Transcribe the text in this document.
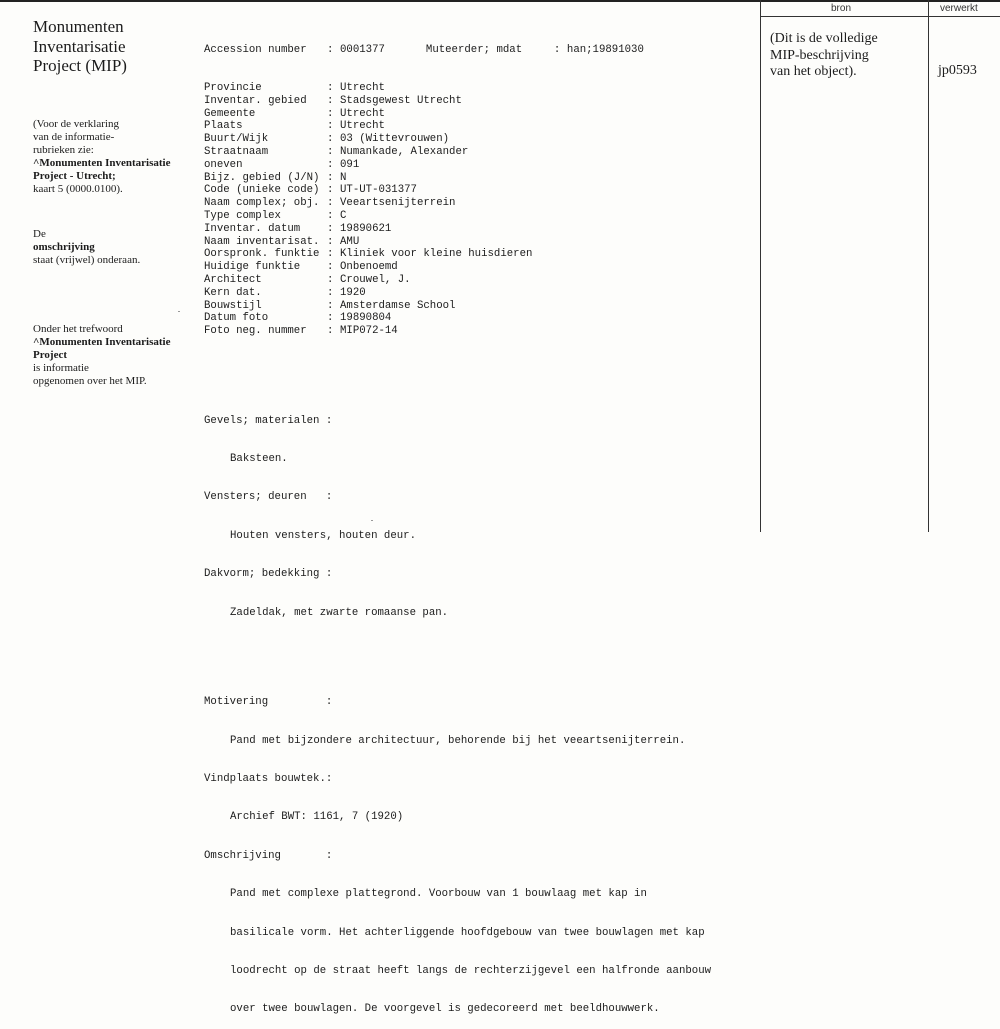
Monumenten
Inventarisatie
Project (MIP)
(Voor de verklaring
van de informatie-
rubrieken zie:
^Monumenten Inventarisatie
Project - Utrecht;
kaart 5 (0000.0100).
De
omschrijving
staat (vrijwel) onderaan.
Onder het trefwoord
^Monumenten Inventarisatie
Project
is informatie
opgenomen over het MIP.

Accession number : 0001377	Muteerder; mdat	: han;19891030

Provincie	: Utrecht
Inventar. gebied : Stadsgewest Utrecht
Gemeente	: Utrecht
Plaats	: Utrecht
Buurt/Wijk	: 03 (Wittevrouwen)
Straatnaam	: Numankade, Alexander
oneven	: 091
Bijz. gebied (J/N) : N
Code (unieke code) : UT-UT-031377
Naam complex; obj. : Veeartsenijterrein
Type complex	: C
Inventar. datum	: 19890621
Naam inventarisat. : AMU
Oorspronk. funktie : Kliniek voor kleine huisdieren
Huidige funktie	: Onbenoemd
Architect	: Crouwel, J.
Kern dat.	: 1920
Bouwstijl	: Amsterdamse School
Datum foto	: 19890804
Foto neg. nummer : MIP072-14

Gevels; materialen :

Baksteen.

Vensters; deuren   :

Houten vensters, houten deur.

Dakvorm; bedekking :

Zadeldak, met zwarte romaanse pan.

Motivering         :

Pand met bijzondere architectuur, behorende bij het veeartsenijterrein.

Vindplaats bouwtek.:

Archief BWT: 1161, 7 (1920)

Omschrijving       :

Pand met complexe plattegrond. Voorbouw van 1 bouwlaag met kap in

basilicale vorm. Het achterliggende hoofdgebouw van twee bouwlagen met kap

loodrecht op de straat heeft langs de rechterzijgevel een halfronde aanbouw

over twee bouwlagen. De voorgevel is gedecoreerd met beeldhouwwerk.

bron	verwerkt
(Dit is de volledige
MIP-beschrijving
van het object).	jp0593
